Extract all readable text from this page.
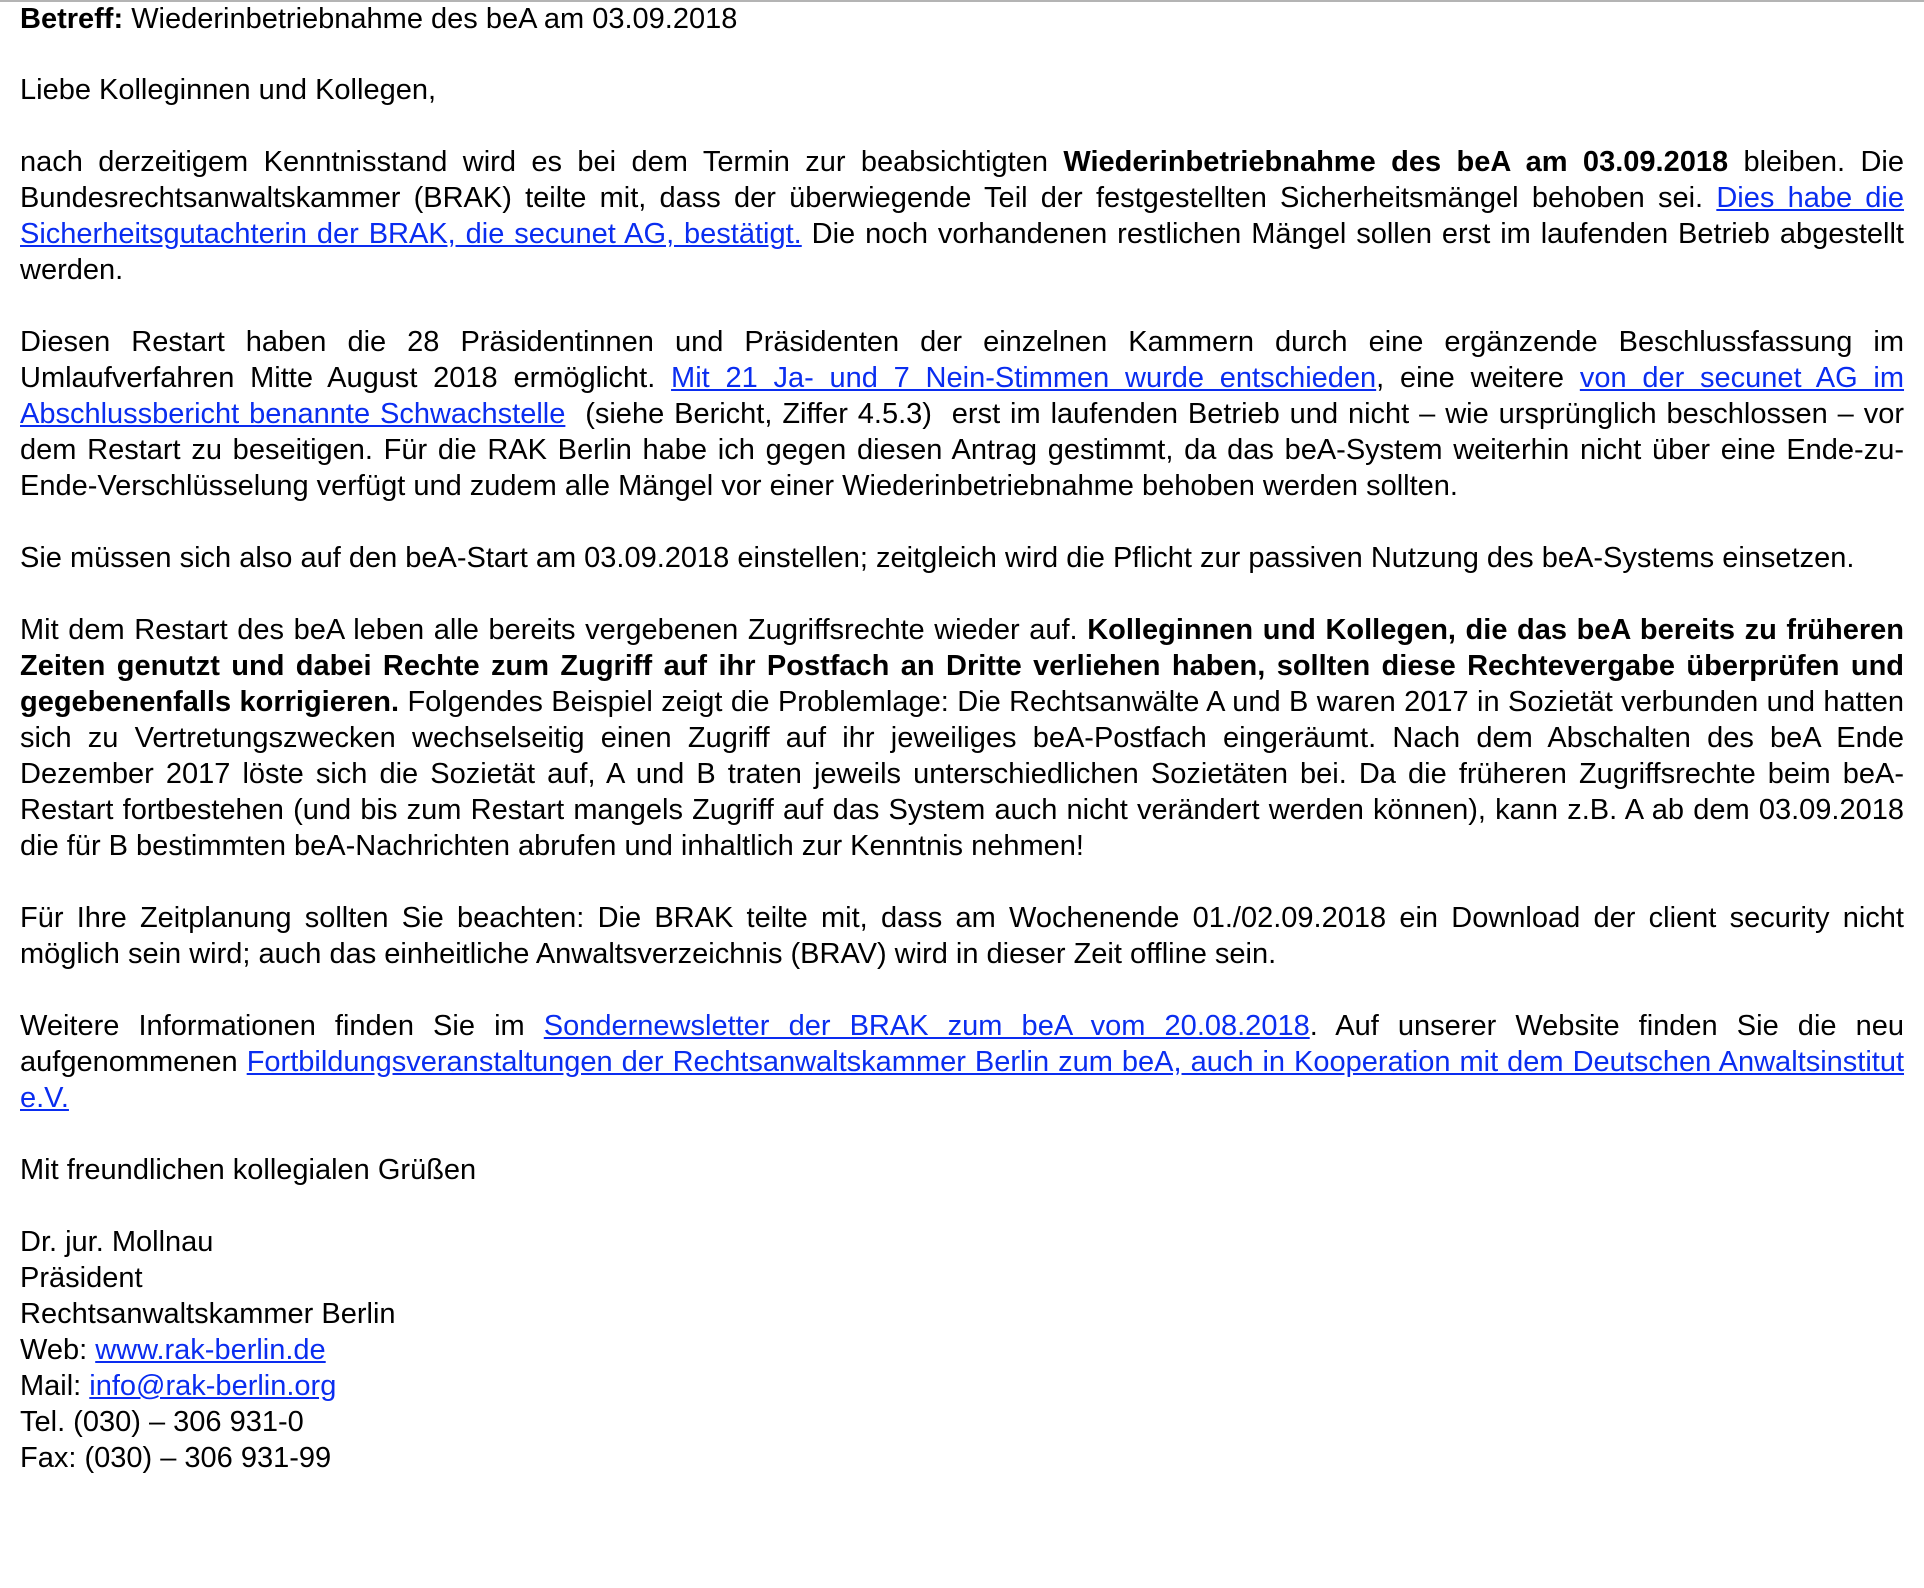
Betreff: Wiederinbetriebnahme des beA am 03.09.2018

Liebe Kolleginnen und Kollegen,

nach derzeitigem Kenntnisstand wird es bei dem Termin zur beabsichtigten Wiederinbetriebnahme des beA am 03.09.2018 bleiben. Die Bundesrechtsanwaltskammer (BRAK) teilte mit, dass der überwiegende Teil der festgestellten Sicherheitsmängel behoben sei. Dies habe die Sicherheitsgutachterin der BRAK, die secunet AG, bestätigt. Die noch vorhandenen restlichen Mängel sollen erst im laufenden Betrieb abgestellt werden.

Diesen Restart haben die 28 Präsidentinnen und Präsidenten der einzelnen Kammern durch eine ergänzende Beschlussfassung im Umlaufverfahren Mitte August 2018 ermöglicht. Mit 21 Ja- und 7 Nein-Stimmen wurde entschieden, eine weitere von der secunet AG im Abschlussbericht benannte Schwachstelle  (siehe Bericht, Ziffer 4.5.3)  erst im laufenden Betrieb und nicht – wie ursprünglich beschlossen – vor dem Restart zu beseitigen. Für die RAK Berlin habe ich gegen diesen Antrag gestimmt, da das beA-System weiterhin nicht über eine Ende-zu-Ende-Verschlüsselung verfügt und zudem alle Mängel vor einer Wiederinbetriebnahme behoben werden sollten.

Sie müssen sich also auf den beA-Start am 03.09.2018 einstellen; zeitgleich wird die Pflicht zur passiven Nutzung des beA-Systems einsetzen.

Mit dem Restart des beA leben alle bereits vergebenen Zugriffsrechte wieder auf. Kolleginnen und Kollegen, die das beA bereits zu früheren Zeiten genutzt und dabei Rechte zum Zugriff auf ihr Postfach an Dritte verliehen haben, sollten diese Rechtevergabe überprüfen und gegebenenfalls korrigieren. Folgendes Beispiel zeigt die Problemlage: Die Rechtsanwälte A und B waren 2017 in Sozietät verbunden und hatten sich zu Vertretungszwecken wechselseitig einen Zugriff auf ihr jeweiliges beA-Postfach eingeräumt. Nach dem Abschalten des beA Ende Dezember 2017 löste sich die Sozietät auf, A und B traten jeweils unterschiedlichen Sozietäten bei. Da die früheren Zugriffsrechte beim beA-Restart fortbestehen (und bis zum Restart mangels Zugriff auf das System auch nicht verändert werden können), kann z.B. A ab dem 03.09.2018 die für B bestimmten beA-Nachrichten abrufen und inhaltlich zur Kenntnis nehmen!

Für Ihre Zeitplanung sollten Sie beachten: Die BRAK teilte mit, dass am Wochenende 01./02.09.2018 ein Download der client security nicht möglich sein wird; auch das einheitliche Anwaltsverzeichnis (BRAV) wird in dieser Zeit offline sein.

Weitere Informationen finden Sie im Sondernewsletter der BRAK zum beA vom 20.08.2018. Auf unserer Website finden Sie die neu aufgenommenen Fortbildungsveranstaltungen der Rechtsanwaltskammer Berlin zum beA, auch in Kooperation mit dem Deutschen Anwaltsinstitut e.V.

Mit freundlichen kollegialen Grüßen

Dr. jur. Mollnau

Präsident

Rechtsanwaltskammer Berlin

Web: www.rak-berlin.de

Mail: info@rak-berlin.org

Tel. (030) – 306 931-0

Fax: (030) – 306 931-99
